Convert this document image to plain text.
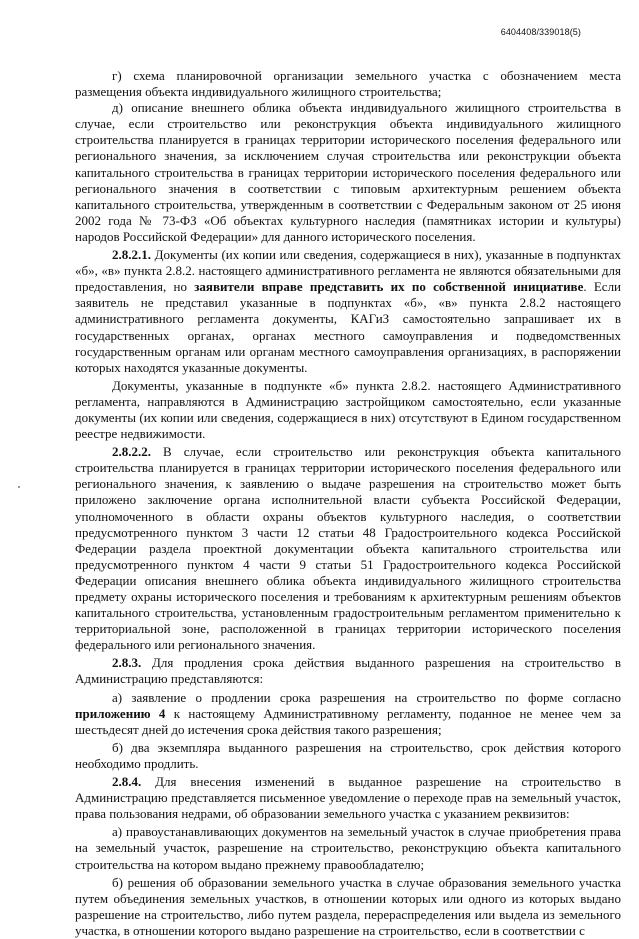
6404408/339018(5)

г) схема планировочной организации земельного участка с обозначением места размещения объекта индивидуального жилищного строительства;

д) описание внешнего облика объекта индивидуального жилищного строительства в случае, если строительство или реконструкция объекта индивидуального жилищного строительства планируется в границах территории исторического поселения федерального или регионального значения, за исключением случая строительства или реконструкции объекта капитального строительства в границах территории исторического поселения федерального или регионального значения в соответствии с типовым архитектурным решением объекта капитального строительства, утвержденным в соответствии с Федеральным законом от 25 июня 2002 года № 73-ФЗ «Об объектах культурного наследия (памятниках истории и культуры) народов Российской Федерации» для данного исторического поселения.

2.8.2.1. Документы (их копии или сведения, содержащиеся в них), указанные в подпунктах «б», «в» пункта 2.8.2. настоящего административного регламента не являются обязательными для предоставления, но заявители вправе представить их по собственной инициативе. Если заявитель не представил указанные в подпунктах «б», «в» пункта 2.8.2 настоящего административного регламента документы, КАГиЗ самостоятельно запрашивает их в государственных органах, органах местного самоуправления и подведомственных государственным органам или органам местного самоуправления организациях, в распоряжении которых находятся указанные документы.

Документы, указанные в подпункте «б» пункта 2.8.2. настоящего Административного регламента, направляются в Администрацию застройщиком самостоятельно, если указанные документы (их копии или сведения, содержащиеся в них) отсутствуют в Едином государственном реестре недвижимости.

2.8.2.2. В случае, если строительство или реконструкция объекта капитального строительства планируется в границах территории исторического поселения федерального или регионального значения, к заявлению о выдаче разрешения на строительство может быть приложено заключение органа исполнительной власти субъекта Российской Федерации, уполномоченного в области охраны объектов культурного наследия, о соответствии предусмотренного пунктом 3 части 12 статьи 48 Градостроительного кодекса Российской Федерации раздела проектной документации объекта капитального строительства или предусмотренного пунктом 4 части 9 статьи 51 Градостроительного кодекса Российской Федерации описания внешнего облика объекта индивидуального жилищного строительства предмету охраны исторического поселения и требованиям к архитектурным решениям объектов капитального строительства, установленным градостроительным регламентом применительно к территориальной зоне, расположенной в границах территории исторического поселения федерального или регионального значения.

2.8.3. Для продления срока действия выданного разрешения на строительство в Администрацию представляются:

а) заявление о продлении срока разрешения на строительство по форме согласно приложению 4 к настоящему Административному регламенту, поданное не менее чем за шестьдесят дней до истечения срока действия такого разрешения;

б) два экземпляра выданного разрешения на строительство, срок действия которого необходимо продлить.

2.8.4. Для внесения изменений в выданное разрешение на строительство в Администрацию представляется письменное уведомление о переходе прав на земельный участок, права пользования недрами, об образовании земельного участка с указанием реквизитов:

а) правоустанавливающих документов на земельный участок в случае приобретения права на земельный участок, разрешение на строительство, реконструкцию объекта капитального строительства на котором выдано прежнему правообладателю;

б) решения об образовании земельного участка в случае образования земельного участка путем объединения земельных участков, в отношении которых или одного из которых выдано разрешение на строительство, либо путем раздела, перераспределения или выдела из земельного участка, в отношении которого выдано разрешение на строительство, если в соответствии с
